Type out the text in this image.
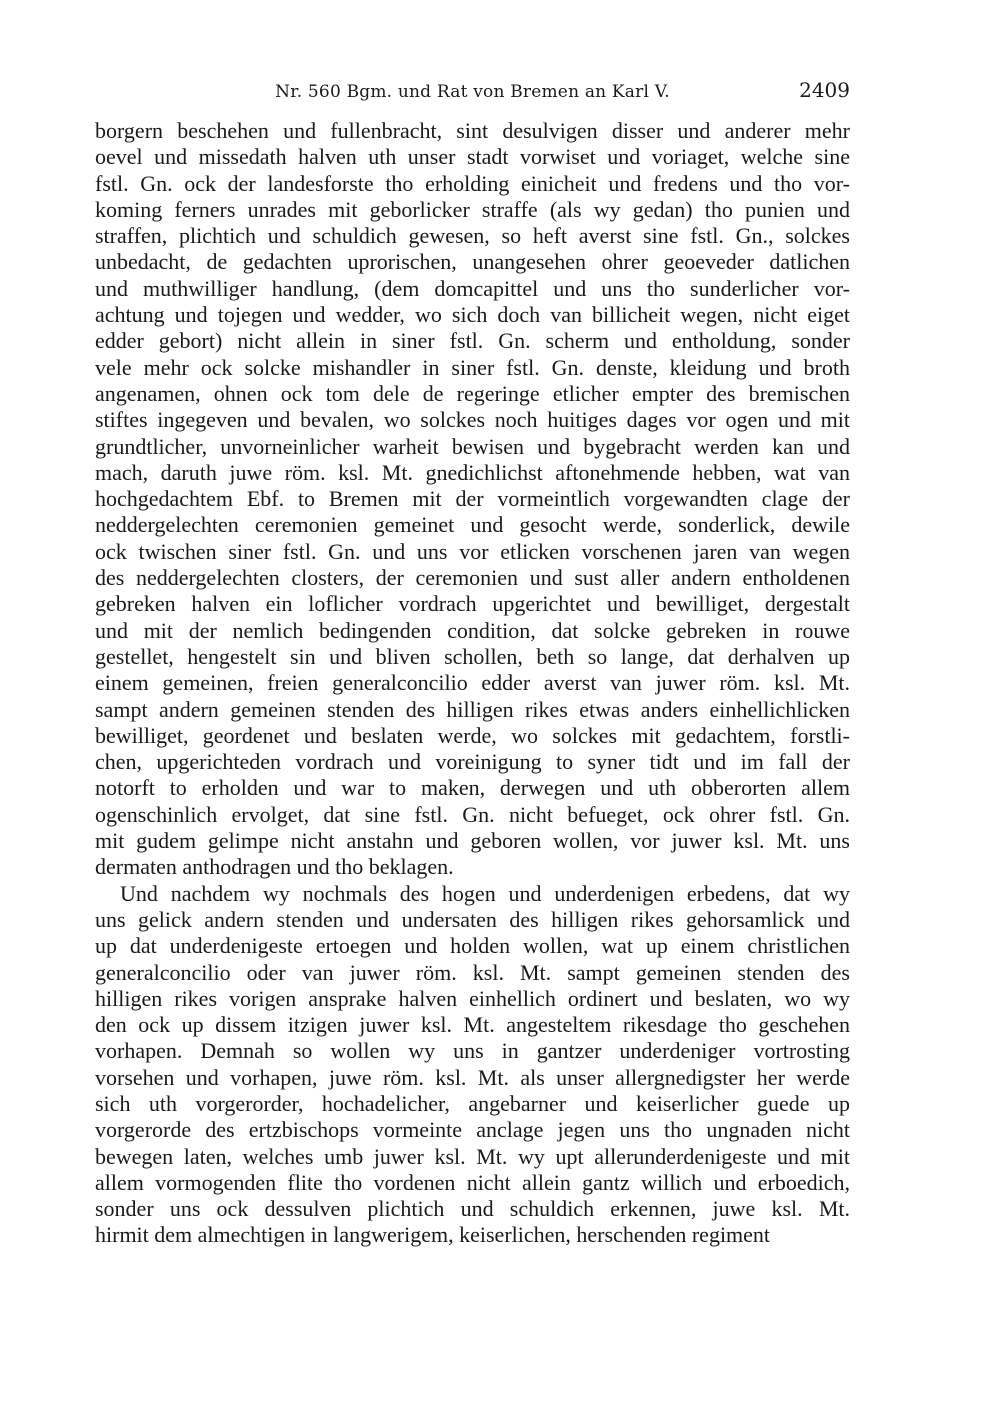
Nr. 560 Bgm. und Rat von Bremen an Karl V.	2409
borgern beschehen und fullenbracht, sint desulvigen disser und anderer mehr
oevel und missedath halven uth unser stadt vorwiset und voriaget, welche sine
fstl. Gn. ock der landesforste tho erholding einicheit und fredens und tho vor-
koming ferners unrades mit geborlicker straffe (als wy gedan) tho punien und
straffen, plichtich und schuldich gewesen, so heft averst sine fstl. Gn., solckes
unbedacht, de gedachten uprorischen, unangesehen ohrer geoeveder datlichen
und muthwilliger handlung, (dem domcapittel und uns tho sunderlicher vor-
achtung und tojegen und wedder, wo sich doch van billicheit wegen, nicht eiget
edder gebort) nicht allein in siner fstl. Gn. scherm und entholdung, sonder
vele mehr ock solcke mishandler in siner fstl. Gn. denste, kleidung und broth
angenamen, ohnen ock tom dele de regeringe etlicher empter des bremischen
stiftes ingegeven und bevalen, wo solckes noch huitiges dages vor ogen und mit
grundtlicher, unvorneinlicher warheit bewisen und bygebracht werden kan und
mach, daruth juwe röm. ksl. Mt. gnedichlichst aftonehmende hebben, wat van
hochgedachtem Ebf. to Bremen mit der vormeintlich vorgewandten clage der
neddergelechten ceremonien gemeinet und gesocht werde, sonderlick, dewile
ock twischen siner fstl. Gn. und uns vor etlicken vorschenen jaren van wegen
des neddergelechten closters, der ceremonien und sust aller andern entholdenen
gebreken halven ein loflicher vordrach upgerichtet und bewilliget, dergestalt
und mit der nemlich bedingenden condition, dat solcke gebreken in rouwe
gestellet, hengestelt sin und bliven schollen, beth so lange, dat derhalven up
einem gemeinen, freien generalconcilio edder averst van juwer röm. ksl. Mt.
sampt andern gemeinen stenden des hilligen rikes etwas anders einhellichlicken
bewilliget, geordenet und beslaten werde, wo solckes mit gedachtem, forstli-
chen, upgerichteden vordrach und voreinigung to syner tidt und im fall der
notorft to erholden und war to maken, derwegen und uth obberorten allem
ogenschinlich ervolget, dat sine fstl. Gn. nicht befueget, ock ohrer fstl. Gn.
mit gudem gelimpe nicht anstahn und geboren wollen, vor juwer ksl. Mt. uns
dermaten anthodragen und tho beklagen.
Und nachdem wy nochmals des hogen und underdenigen erbedens, dat wy
uns gelick andern stenden und undersaten des hilligen rikes gehorsamlick und
up dat underdenigeste ertoegen und holden wollen, wat up einem christlichen
generalconcilio oder van juwer röm. ksl. Mt. sampt gemeinen stenden des
hilligen rikes vorigen ansprake halven einhellich ordinert und beslaten, wo wy
den ock up dissem itzigen juwer ksl. Mt. angesteltem rikesdage tho geschehen
vorhapen. Demnah so wollen wy uns in gantzer underdeniger vortrosting
vorsehen und vorhapen, juwe röm. ksl. Mt. als unser allergnedigster her werde
sich uth vorgerorder, hochadelicher, angebarner und keiserlicher guede up
vorgerorde des ertzbischops vormeinte anclage jegen uns tho ungnaden nicht
bewegen laten, welches umb juwer ksl. Mt. wy upt allerunderdenigeste und mit
allem vormogenden flite tho vordenen nicht allein gantz willich und erboedich,
sonder uns ock dessulven plichtich und schuldich erkennen, juwe ksl. Mt.
hirmit dem almechtigen in langwerigem, keiserlichen, herschenden regiment
